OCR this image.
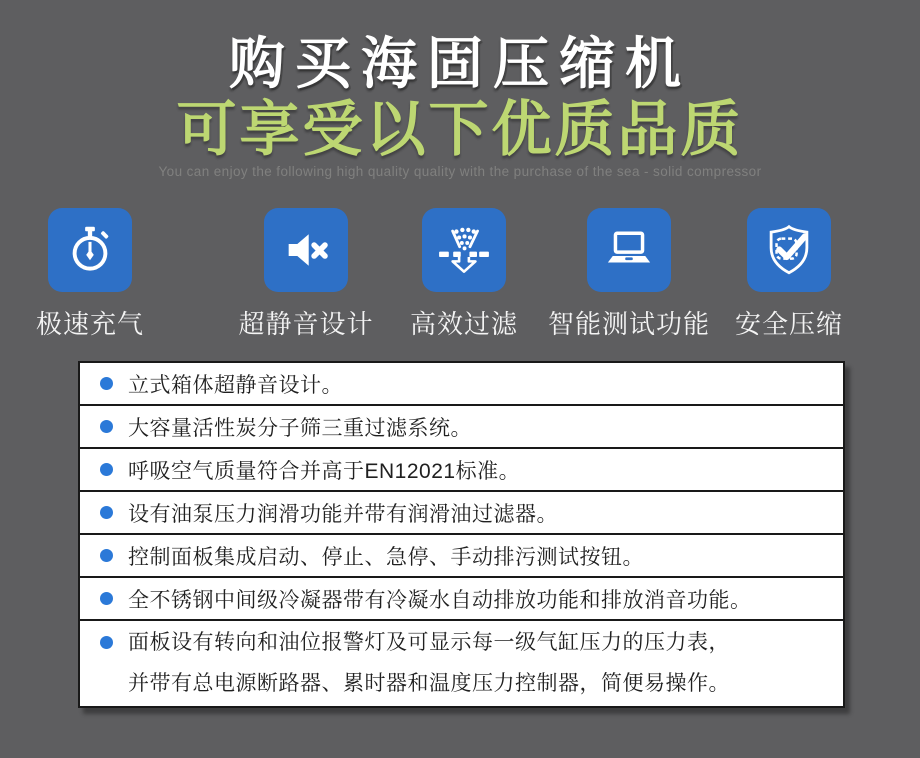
购买海固压缩机
可享受以下优质品质
You can enjoy the following high quality quality with the purchase of the sea - solid compressor
超静音设计	高效过滤	智能测试功能 安全压缩
极速充气
立式箱体超静音设计。
大容量活性炭分子筛三重过滤系统。
呼吸空气质量符合并高于EN12021标准。
设有油泵压力润滑功能并带有润滑油过滤器。
控制面板集成启动、停止、急停、手动排污测试按钮。
全不锈钢中间级冷凝器带有冷凝水自动排放功能和排放消音功能。
面板设有转向和油位报警灯及可显示每一级气缸压力的压力表，
并带有总电源断路器、累时器和温度压力控制器，简便易操作。
